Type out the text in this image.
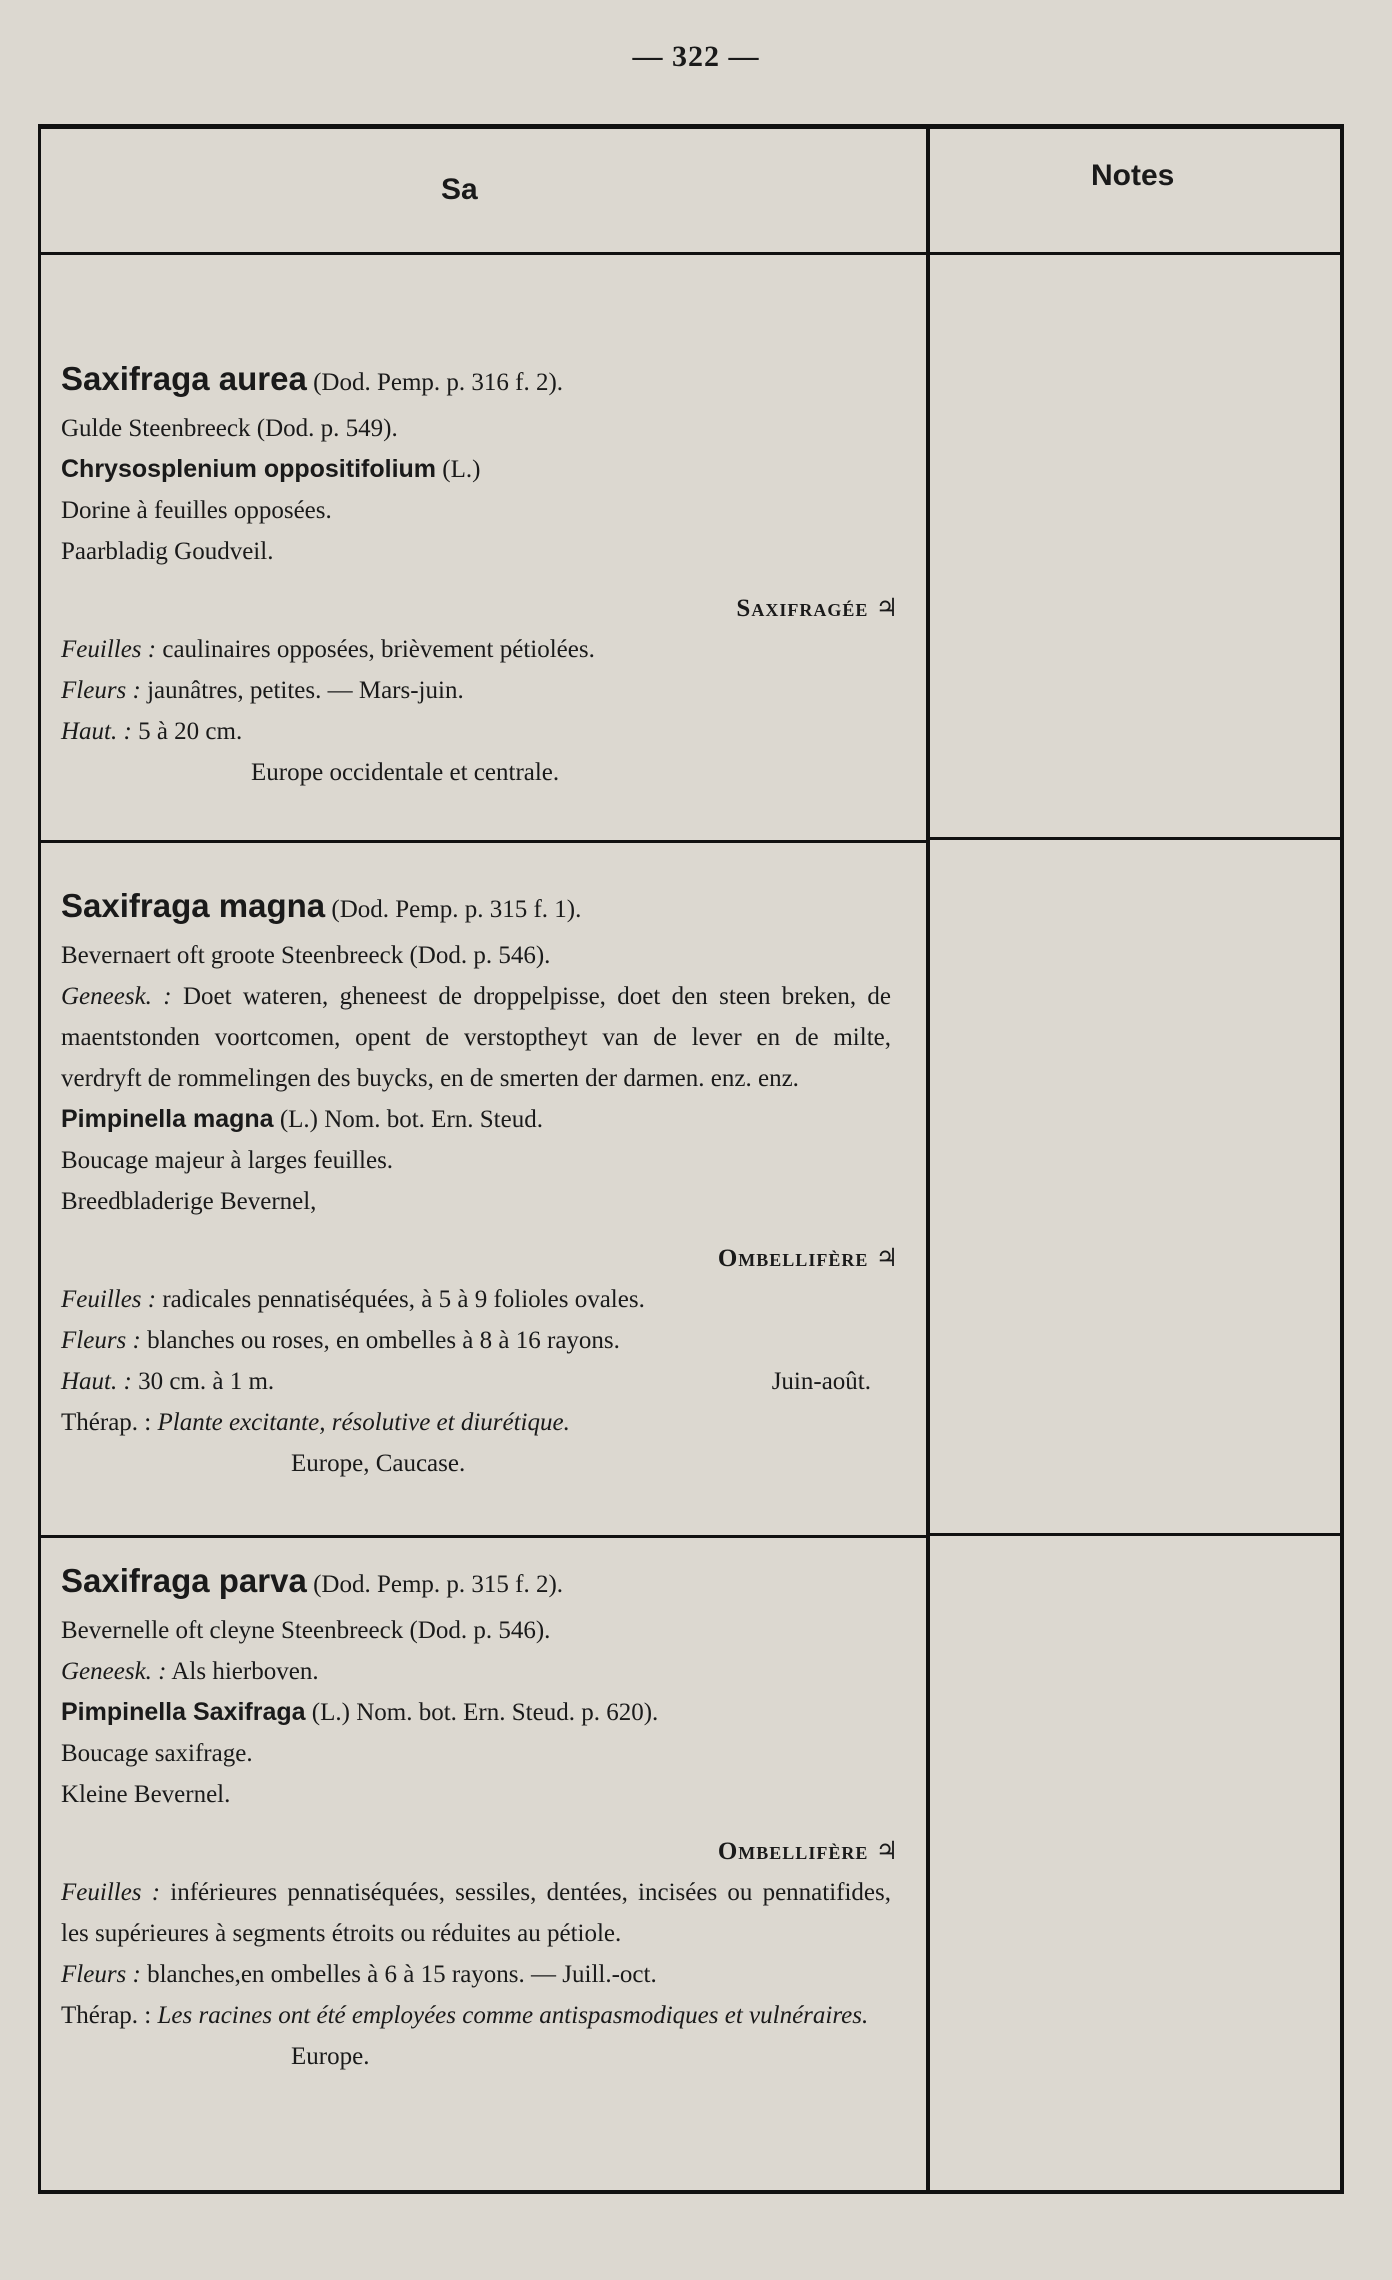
— 322 —
Sa	Notes
Saxifraga aurea (Dod. Pemp. p. 316 f. 2).
Gulde Steenbreeck (Dod. p. 549).
Chrysosplenium oppositifolium (L.)
Dorine à feuilles opposées.
Paarbladig Goudveil.
Saxifragée ♃
Feuilles : caulinaires opposées, brièvement pétiolées.
Fleurs : jaunâtres, petites. — Mars-juin.
Haut. : 5 à 20 cm.
Europe occidentale et centrale.
Saxifraga magna (Dod. Pemp. p. 315 f. 1).
Bevernaert oft groote Steenbreeck (Dod. p. 546).
Geneesk. : Doet wateren, gheneest de droppelpisse, doet den steen breken, de maentstonden voortcomen, opent de verstoptheyt van de lever en de milte, verdryft de rommelingen des buycks, en de smerten der darmen. enz. enz.
Pimpinella magna (L.) Nom. bot. Ern. Steud.
Boucage majeur à larges feuilles.
Breedbladerige Bevernel,
Ombellifère ♃
Feuilles : radicales pennatiséquées, à 5 à 9 folioles ovales.
Fleurs : blanches ou roses, en ombelles à 8 à 16 rayons.
Haut. : 30 cm. à 1 m.	Juin-août.
Thérap. : Plante excitante, résolutive et diurétique.
Europe, Caucase.
Saxifraga parva (Dod. Pemp. p. 315 f. 2).
Bevernelle oft cleyne Steenbreeck (Dod. p. 546).
Geneesk. : Als hierboven.
Pimpinella Saxifraga (L.) Nom. bot. Ern. Steud. p. 620).
Boucage saxifrage.
Kleine Bevernel.
Ombellifère ♃
Feuilles : inférieures pennatiséquées, sessiles, dentées, incisées ou pennatifides, les supérieures à segments étroits ou réduites au pétiole.
Fleurs : blanches,en ombelles à 6 à 15 rayons. — Juill.-oct.
Thérap. : Les racines ont été employées comme antispasmodiques et vulnéraires.
Europe.
